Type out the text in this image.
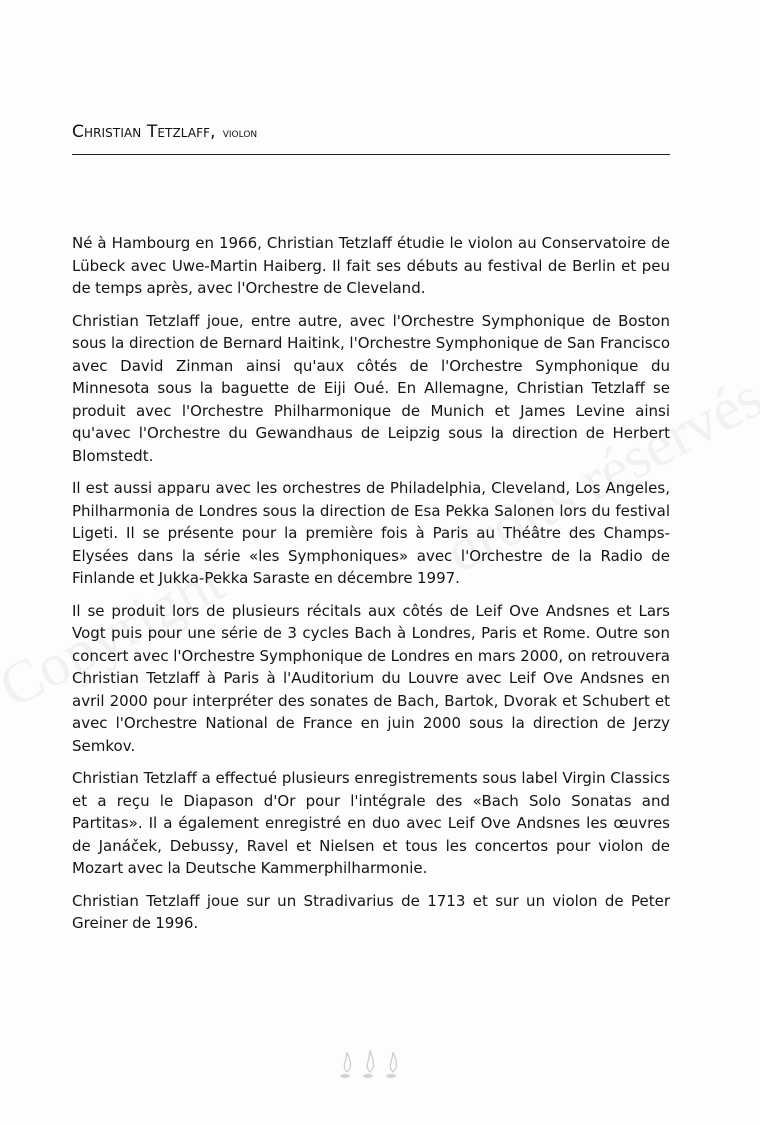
Christian Tetzlaff, violon

Né à Hambourg en 1966, Christian Tetzlaff étudie le violon au Conservatoire de Lübeck avec Uwe-Martin Haiberg. Il fait ses débuts au festival de Berlin et peu de temps après, avec l'Orchestre de Cleveland.

Christian Tetzlaff joue, entre autre, avec l'Orchestre Symphonique de Boston sous la direction de Bernard Haitink, l'Orchestre Symphonique de San Francisco avec David Zinman ainsi qu'aux côtés de l'Orchestre Symphonique du Minnesota sous la baguette de Eiji Oué. En Allemagne, Christian Tetzlaff se produit avec l'Orchestre Philharmonique de Munich et James Levine ainsi qu'avec l'Orchestre du Gewandhaus de Leipzig sous la direction de Herbert Blomstedt.

Il est aussi apparu avec les orchestres de Philadelphia, Cleveland, Los Angeles, Philharmonia de Londres sous la direction de Esa Pekka Salonen lors du festival Ligeti. Il se présente pour la première fois à Paris au Théâtre des Champs-Elysées dans la série «les Symphoniques» avec l'Orchestre de la Radio de Finlande et Jukka-Pekka Saraste en décembre 1997.

Il se produit lors de plusieurs récitals aux côtés de Leif Ove Andsnes et Lars Vogt puis pour une série de 3 cycles Bach à Londres, Paris et Rome. Outre son concert avec l'Orchestre Symphonique de Londres en mars 2000, on retrouvera Christian Tetzlaff à Paris à l'Auditorium du Louvre avec Leif Ove Andsnes en avril 2000 pour interpréter des sonates de Bach, Bartok, Dvorak et Schubert et avec l'Orchestre National de France en juin 2000 sous la direction de Jerzy Semkov.

Christian Tetzlaff a effectué plusieurs enregistrements sous label Virgin Classics et a reçu le Diapason d'Or pour l'intégrale des «Bach Solo Sonatas and Partitas». Il a également enregistré en duo avec Leif Ove Andsnes les œuvres de Janáček, Debussy, Ravel et Nielsen et tous les concertos pour violon de Mozart avec la Deutsche Kammerphilharmonie.

Christian Tetzlaff joue sur un Stradivarius de 1713 et sur un violon de Peter Greiner de 1996.
